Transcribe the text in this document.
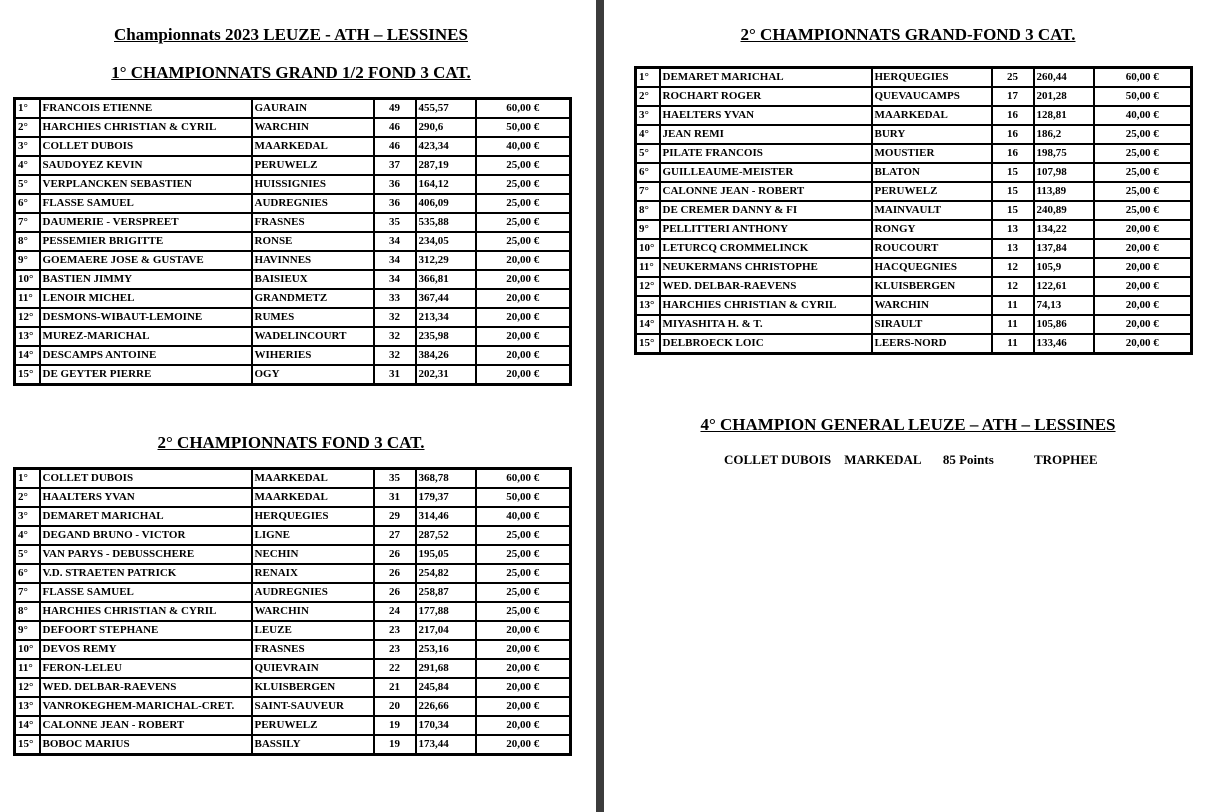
Championnats 2023 LEUZE - ATH – LESSINES
1° CHAMPIONNATS GRAND 1/2 FOND 3 CAT.
1°	FRANCOIS ETIENNE	GAURAIN	49	455,57	60,00 €
2°	HARCHIES CHRISTIAN & CYRIL	WARCHIN	46	290,6	50,00 €
3°	COLLET DUBOIS	MAARKEDAL	46	423,34	40,00 €
4°	SAUDOYEZ KEVIN	PERUWELZ	37	287,19	25,00 €
5°	VERPLANCKEN SEBASTIEN	HUISSIGNIES	36	164,12	25,00 €
6°	FLASSE SAMUEL	AUDREGNIES	36	406,09	25,00 €
7°	DAUMERIE - VERSPREET	FRASNES	35	535,88	25,00 €
8°	PESSEMIER BRIGITTE	RONSE	34	234,05	25,00 €
9°	GOEMAERE JOSE & GUSTAVE	HAVINNES	34	312,29	20,00 €
10°	BASTIEN JIMMY	BAISIEUX	34	366,81	20,00 €
11°	LENOIR MICHEL	GRANDMETZ	33	367,44	20,00 €
12°	DESMONS-WIBAUT-LEMOINE	RUMES	32	213,34	20,00 €
13°	MUREZ-MARICHAL	WADELINCOURT	32	235,98	20,00 €
14°	DESCAMPS ANTOINE	WIHERIES	32	384,26	20,00 €
15°	DE GEYTER PIERRE	OGY	31	202,31	20,00 €
2° CHAMPIONNATS FOND 3 CAT.
1°	COLLET DUBOIS	MAARKEDAL	35	368,78	60,00 €
2°	HAALTERS YVAN	MAARKEDAL	31	179,37	50,00 €
3°	DEMARET MARICHAL	HERQUEGIES	29	314,46	40,00 €
4°	DEGAND BRUNO - VICTOR	LIGNE	27	287,52	25,00 €
5°	VAN PARYS - DEBUSSCHERE	NECHIN	26	195,05	25,00 €
6°	V.D. STRAETEN PATRICK	RENAIX	26	254,82	25,00 €
7°	FLASSE SAMUEL	AUDREGNIES	26	258,87	25,00 €
8°	HARCHIES CHRISTIAN & CYRIL	WARCHIN	24	177,88	25,00 €
9°	DEFOORT STEPHANE	LEUZE	23	217,04	20,00 €
10°	DEVOS REMY	FRASNES	23	253,16	20,00 €
11°	FERON-LELEU	QUIEVRAIN	22	291,68	20,00 €
12°	WED. DELBAR-RAEVENS	KLUISBERGEN	21	245,84	20,00 €
13°	VANROKEGHEM-MARICHAL-CRET.	SAINT-SAUVEUR	20	226,66	20,00 €
14°	CALONNE JEAN - ROBERT	PERUWELZ	19	170,34	20,00 €
15°	BOBOC MARIUS	BASSILY	19	173,44	20,00 €
2° CHAMPIONNATS GRAND-FOND 3 CAT.
1°	DEMARET MARICHAL	HERQUEGIES	25	260,44	60,00 €
2°	ROCHART ROGER	QUEVAUCAMPS	17	201,28	50,00 €
3°	HAELTERS YVAN	MAARKEDAL	16	128,81	40,00 €
4°	JEAN REMI	BURY	16	186,2	25,00 €
5°	PILATE FRANCOIS	MOUSTIER	16	198,75	25,00 €
6°	GUILLEAUME-MEISTER	BLATON	15	107,98	25,00 €
7°	CALONNE JEAN - ROBERT	PERUWELZ	15	113,89	25,00 €
8°	DE CREMER DANNY & FI	MAINVAULT	15	240,89	25,00 €
9°	PELLITTERI ANTHONY	RONGY	13	134,22	20,00 €
10°	LETURCQ CROMMELINCK	ROUCOURT	13	137,84	20,00 €
11°	NEUKERMANS CHRISTOPHE	HACQUEGNIES	12	105,9	20,00 €
12°	WED. DELBAR-RAEVENS	KLUISBERGEN	12	122,61	20,00 €
13°	HARCHIES CHRISTIAN & CYRIL	WARCHIN	11	74,13	20,00 €
14°	MIYASHITA H. & T.	SIRAULT	11	105,86	20,00 €
15°	DELBROECK LOIC	LEERS-NORD	11	133,46	20,00 €
4° CHAMPION GENERAL LEUZE – ATH – LESSINES
COLLET DUBOIS MARKEDAL 85 Points	TROPHEE
